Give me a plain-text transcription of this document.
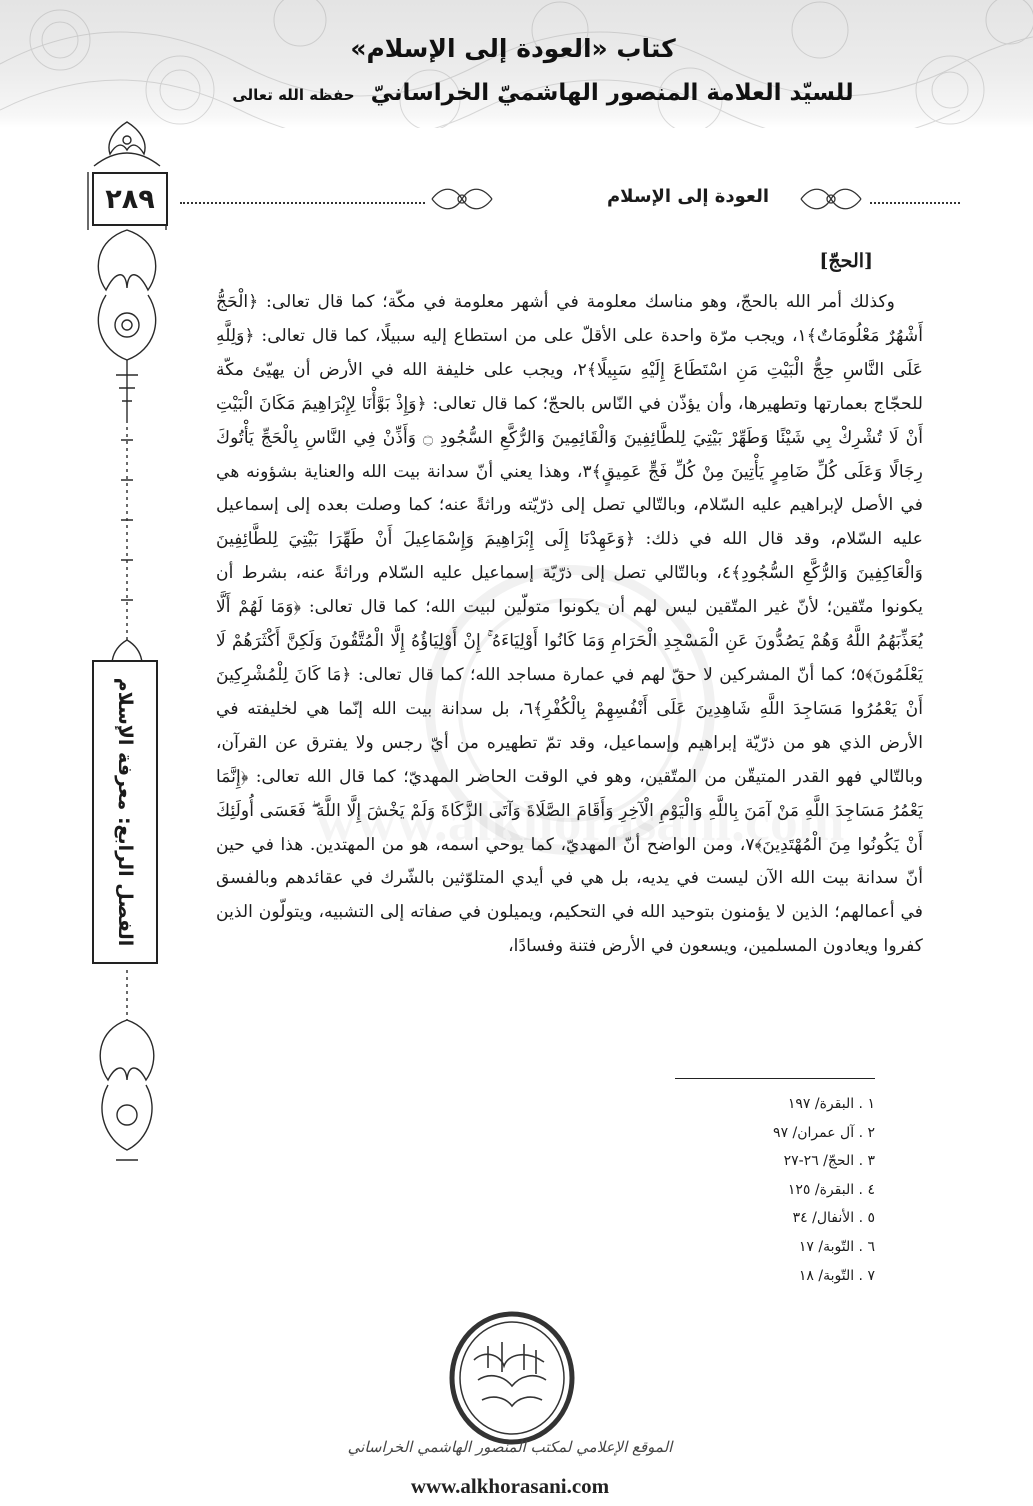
كتاب «العودة إلى الإسلام»
للسيّد العلامة المنصور الهاشميّ الخراسانيّ حفظه الله تعالى
٢٨٩
الفصل الرابع: معرفة الإسلام
العودة إلى الإسلام
[الحجّ]

وكذلك أمر الله بالحجّ، وهو مناسك معلومة في أشهر معلومة في مكّة؛ كما قال تعالى: ﴿الْحَجُّ أَشْهُرٌ مَعْلُومَاتٌ﴾١، ويجب مرّة واحدة على الأقلّ على من استطاع إليه سبيلًا، كما قال تعالى: ﴿وَلِلَّهِ عَلَى النَّاسِ حِجُّ الْبَيْتِ مَنِ اسْتَطَاعَ إِلَيْهِ سَبِيلًا﴾٢، ويجب على خليفة الله في الأرض أن يهيّئ مكّة للحجّاج بعمارتها وتطهيرها، وأن يؤذّن في النّاس بالحجّ؛ كما قال تعالى: ﴿وَإِذْ بَوَّأْنَا لِإِبْرَاهِيمَ مَكَانَ الْبَيْتِ أَنْ لَا تُشْرِكْ بِي شَيْئًا وَطَهِّرْ بَيْتِيَ لِلطَّائِفِينَ وَالْقَائِمِينَ وَالرُّكَّعِ السُّجُودِ ۝ وَأَذِّنْ فِي النَّاسِ بِالْحَجِّ يَأْتُوكَ رِجَالًا وَعَلَى كُلِّ ضَامِرٍ يَأْتِينَ مِنْ كُلِّ فَجٍّ عَمِيقٍ﴾٣، وهذا يعني أنّ سدانة بيت الله والعناية بشؤونه هي في الأصل لإبراهيم عليه السّلام، وبالتّالي تصل إلى ذرّيّته وراثةً عنه؛ كما وصلت بعده إلى إسماعيل عليه السّلام، وقد قال الله في ذلك: ﴿وَعَهِدْنَا إِلَى إِبْرَاهِيمَ وَإِسْمَاعِيلَ أَنْ طَهِّرَا بَيْتِيَ لِلطَّائِفِينَ وَالْعَاكِفِينَ وَالرُّكَّعِ السُّجُودِ﴾٤، وبالتّالي تصل إلى ذرّيّة إسماعيل عليه السّلام وراثةً عنه، بشرط أن يكونوا متّقين؛ لأنّ غير المتّقين ليس لهم أن يكونوا متولّين لبيت الله؛ كما قال تعالى: ﴿وَمَا لَهُمْ أَلَّا يُعَذِّبَهُمُ اللَّهُ وَهُمْ يَصُدُّونَ عَنِ الْمَسْجِدِ الْحَرَامِ وَمَا كَانُوا أَوْلِيَاءَهُ ۚ إِنْ أَوْلِيَاؤُهُ إِلَّا الْمُتَّقُونَ وَلَكِنَّ أَكْثَرَهُمْ لَا يَعْلَمُونَ﴾٥؛ كما أنّ المشركين لا حقّ لهم في عمارة مساجد الله؛ كما قال تعالى: ﴿مَا كَانَ لِلْمُشْرِكِينَ أَنْ يَعْمُرُوا مَسَاجِدَ اللَّهِ شَاهِدِينَ عَلَى أَنْفُسِهِمْ بِالْكُفْرِ﴾٦، بل سدانة بيت الله إنّما هي لخليفته في الأرض الذي هو من ذرّيّة إبراهيم وإسماعيل، وقد تمّ تطهيره من أيّ رجس ولا يفترق عن القرآن، وبالتّالي فهو القدر المتيقّن من المتّقين، وهو في الوقت الحاضر المهديّ؛ كما قال الله تعالى: ﴿إِنَّمَا يَعْمُرُ مَسَاجِدَ اللَّهِ مَنْ آمَنَ بِاللَّهِ وَالْيَوْمِ الْآخِرِ وَأَقَامَ الصَّلَاةَ وَآتَى الزَّكَاةَ وَلَمْ يَخْشَ إِلَّا اللَّهَ ۖ فَعَسَى أُولَئِكَ أَنْ يَكُونُوا مِنَ الْمُهْتَدِينَ﴾٧، ومن الواضح أنّ المهديّ، كما يوحي اسمه، هو من المهتدين. هذا في حين أنّ سدانة بيت الله الآن ليست في يديه، بل هي في أيدي المتلوّثين بالشّرك في عقائدهم وبالفسق في أعمالهم؛ الذين لا يؤمنون بتوحيد الله في التحكيم، ويميلون في صفاته إلى التشبيه، ويتولّون الذين كفروا ويعادون المسلمين، ويسعون في الأرض فتنة وفسادًا،

١ . البقرة/ ١٩٧
٢ . آل عمران/ ٩٧
٣ . الحجّ/ ٢٦-٢٧
٤ . البقرة/ ١٢٥
٥ . الأنفال/ ٣٤
٦ . التّوبة/ ١٧
٧ . التّوبة/ ١٨
الموقع الإعلامي لمكتب المنصور الهاشمي الخراساني
www.alkhorasani.com
